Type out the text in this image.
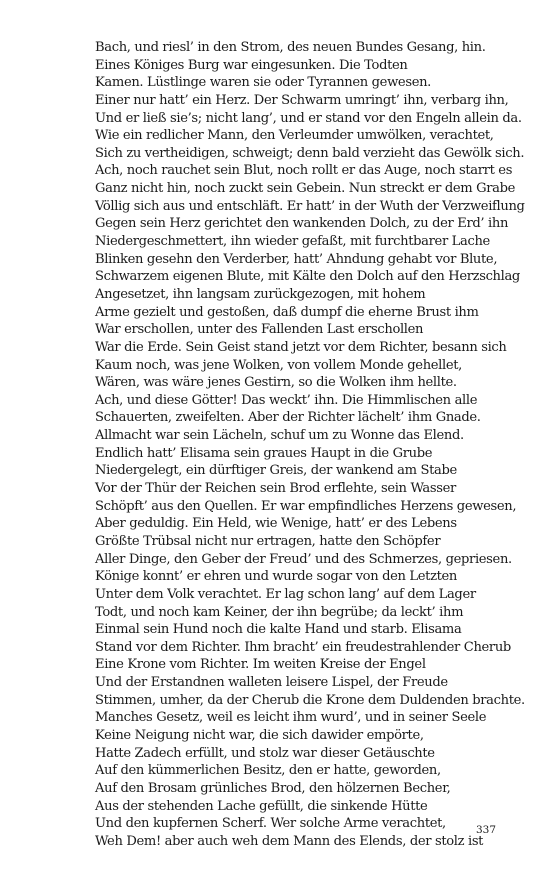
Bach, und riesl’ in den Strom, des neuen Bundes Gesang, hin.
Eines Königes Burg war eingesunken. Die Todten
Kamen. Lüstlinge waren sie oder Tyrannen gewesen.
Einer nur hatt’ ein Herz. Der Schwarm umringt’ ihn, verbarg ihn,
Und er ließ sie’s; nicht lang’, und er stand vor den Engeln allein da.
Wie ein redlicher Mann, den Verleumder umwölken, verachtet,
Sich zu vertheidigen, schweigt; denn bald verzieht das Gewölk sich.
Ach, noch rauchet sein Blut, noch rollt er das Auge, noch starrt es
Ganz nicht hin, noch zuckt sein Gebein. Nun streckt er dem Grabe
Völlig sich aus und entschläft. Er hatt’ in der Wuth der Verzweiflung
Gegen sein Herz gerichtet den wankenden Dolch, zu der Erd’ ihn
Niedergeschmettert, ihn wieder gefaßt, mit furchtbarer Lache
Blinken gesehn den Verderber, hatt’ Ahndung gehabt vor Blute,
Schwarzem eigenen Blute, mit Kälte den Dolch auf den Herzschlag
Angesetzet, ihn langsam zurückgezogen, mit hohem
Arme gezielt und gestoßen, daß dumpf die eherne Brust ihm
War erschollen, unter des Fallenden Last erschollen
War die Erde. Sein Geist stand jetzt vor dem Richter, besann sich
Kaum noch, was jene Wolken, von vollem Monde gehellet,
Wären, was wäre jenes Gestirn, so die Wolken ihm hellte.
Ach, und diese Götter! Das weckt’ ihn. Die Himmlischen alle
Schauerten, zweifelten. Aber der Richter lächelt’ ihm Gnade.
Allmacht war sein Lächeln, schuf um zu Wonne das Elend.
Endlich hatt’ Elisama sein graues Haupt in die Grube
Niedergelegt, ein dürftiger Greis, der wankend am Stabe
Vor der Thür der Reichen sein Brod erflehte, sein Wasser
Schöpft’ aus den Quellen. Er war empfindliches Herzens gewesen,
Aber geduldig. Ein Held, wie Wenige, hatt’ er des Lebens
Größte Trübsal nicht nur ertragen, hatte den Schöpfer
Aller Dinge, den Geber der Freud’ und des Schmerzes, gepriesen.
Könige konnt’ er ehren und wurde sogar von den Letzten
Unter dem Volk verachtet. Er lag schon lang’ auf dem Lager
Todt, und noch kam Keiner, der ihn begrübe; da leckt’ ihm
Einmal sein Hund noch die kalte Hand und starb. Elisama
Stand vor dem Richter. Ihm bracht’ ein freudestrahlender Cherub
Eine Krone vom Richter. Im weiten Kreise der Engel
Und der Erstandnen walleten leisere Lispel, der Freude
Stimmen, umher, da der Cherub die Krone dem Duldenden brachte.
Manches Gesetz, weil es leicht ihm wurd’, und in seiner Seele
Keine Neigung nicht war, die sich dawider empörte,
Hatte Zadech erfüllt, und stolz war dieser Getäuschte
Auf den kümmerlichen Besitz, den er hatte, geworden,
Auf den Brosam grünliches Brod, den hölzernen Becher,
Aus der stehenden Lache gefüllt, die sinkende Hütte
Und den kupfernen Scherf. Wer solche Arme verachtet,
Weh Dem! aber auch weh dem Mann des Elends, der stolz ist
337
